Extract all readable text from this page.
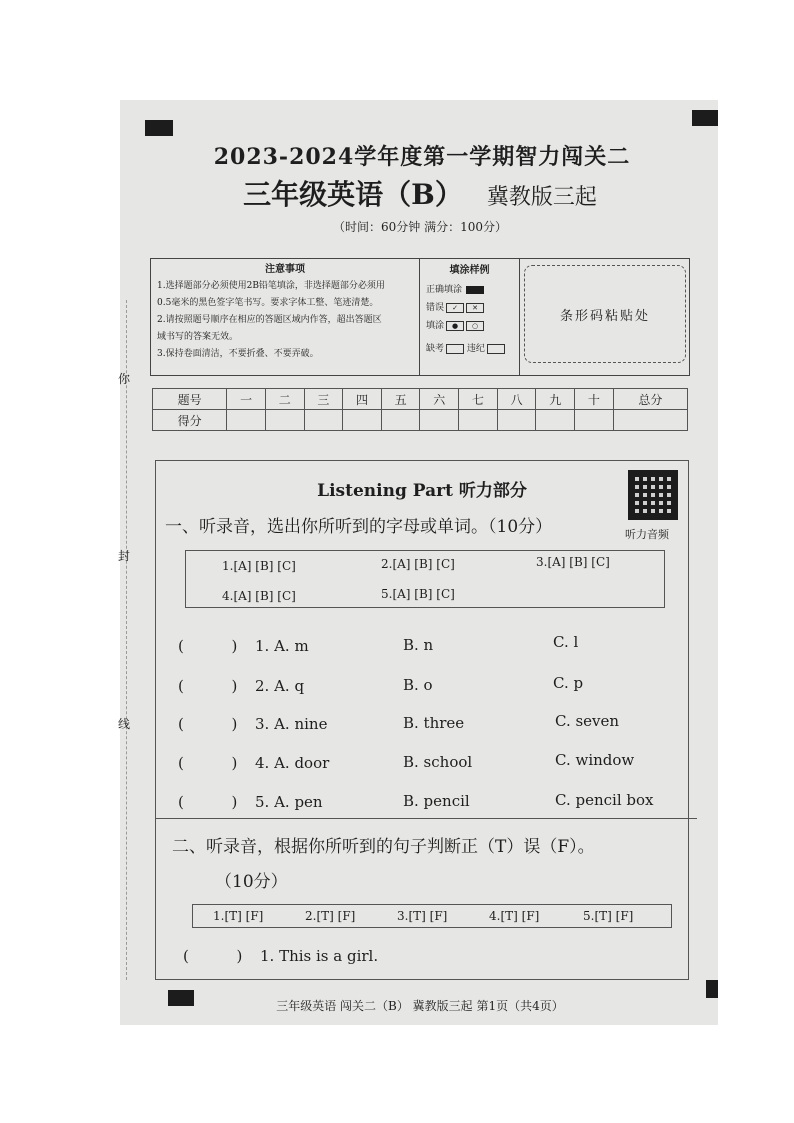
2023-2024学年度第一学期智力闯关二
三年级英语（B） 冀教版三起
（时间：60分钟 满分：100分）
注意事项
1.选择题部分必须使用2B铅笔填涂，非选择题部分必须用
0.5毫米的黑色签字笔书写。要求字体工整、笔迹清楚。
2.请按照题号顺序在相应的答题区域内作答，超出答题区
域书写的答案无效。
3.保持卷面清洁，不要折叠、不要弄破。
填涂样例
正确填涂
错误 ✓ ✕
填涂 ● ○
缺考	违纪
条形码粘贴处
题号	一	二	三	四	五	六	七	八	九	十	总分
得分											
Listening Part 听力部分
听力音频
一、听录音，选出你所听到的字母或单词。（10分）
1.[A] [B] [C]	2.[A] [B] [C]	3.[A] [B] [C]
4.[A] [B] [C]	5.[A] [B] [C]
(          ) 1. A. m	B. n	C. l
(          ) 2. A. q	B. o	C. p
(          ) 3. A. nine	B. three	C. seven
(          ) 4. A. door	B. school	C. window
(          ) 5. A. pen	B. pencil	C. pencil box
二、听录音，根据你所听到的句子判断正（T）误（F）。
（10分）
1.[T] [F]	2.[T] [F]	3.[T] [F]	4.[T] [F]	5.[T] [F]
(          ) 1. This is a girl.
三年级英语 闯关二（B） 冀教版三起 第1页（共4页）
你
封
线
